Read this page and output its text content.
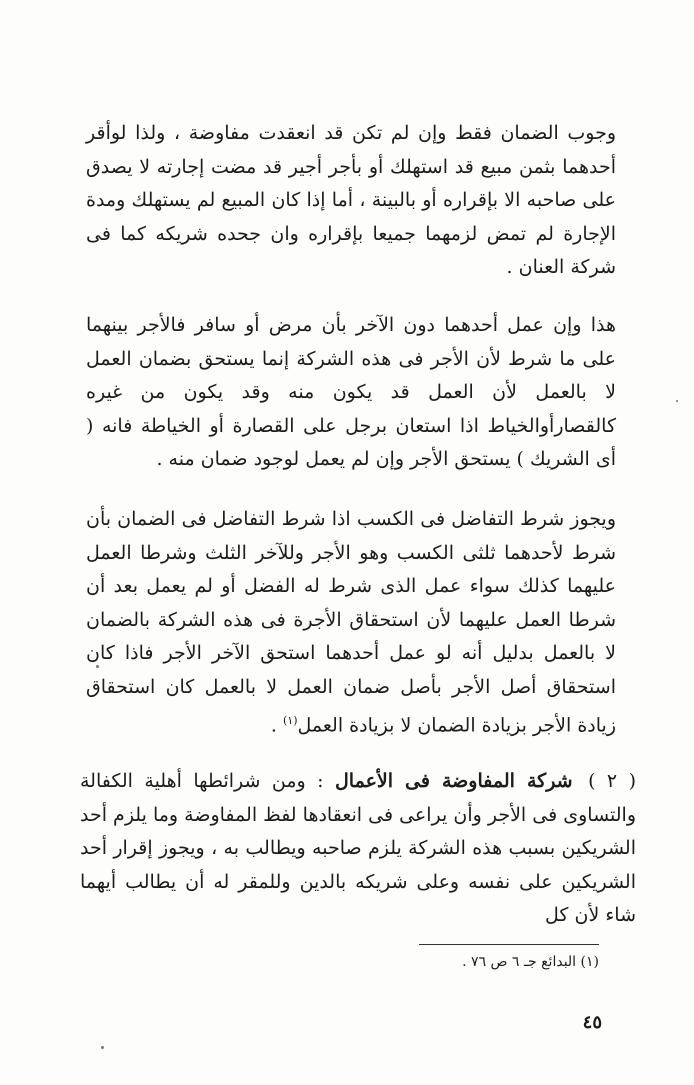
وجوب الضمان فقط وإن لم تكن قد انعقدت مفاوضة ، ولذا لوأقر أحدهما بثمن مبيع قد استهلك أو بأجر أجير قد مضت إجارته لا يصدق على صاحبه الا بإقراره أو بالبينة ، أما إذا كان المبيع لم يستهلك ومدة الإجارة لم تمض لزمهما جميعا بإقراره وان جحده شريكه كما فى شركة العنان .

هذا وإن عمل أحدهما دون الآخر بأن مرض أو سافر فالأجر بينهما على ما شرط لأن الأجر فى هذه الشركة إنما يستحق بضمان العمل لا بالعمل لأن العمل قد يكون منه وقد يكون من غيره كالقصارأوالخياط اذا استعان برجل على القصارة أو الخياطة فانه ( أى الشريك ) يستحق الأجر وإن لم يعمل لوجود ضمان منه .

ويجوز شرط التفاضل فى الكسب اذا شرط التفاضل فى الضمان بأن شرط لأحدهما ثلثى الكسب وهو الأجر وللآخر الثلث وشرطا العمل عليهما كذلك سواء عمل الذى شرط له الفضل أو لم يعمل بعد أن شرطا العمل عليهما لأن استحقاق الأجرة فى هذه الشركة بالضمان لا بالعمل بدليل أنه لو عمل أحدهما استحق الآخر الأجر فاذا كان استحقاق أصل الأجر بأصل ضمان العمل لا بالعمل كان استحقاق زيادة الأجر بزيادة الضمان لا بزيادة العمل$^{(١)}$ .

( ٢ ) شركة المفاوضة فى الأعمال : ومن شرائطها أهلية الكفالة والتساوى فى الأجر وأن يراعى فى انعقادها لفظ المفاوضة وما يلزم أحد الشريكين بسبب هذه الشركة يلزم صاحبه ويطالب به ، ويجوز إقرار أحد الشريكين على نفسه وعلى شريكه بالدين وللمقر له أن يطالب أيهما شاء لأن كل

(١) البدائع جـ ٦ ص ٧٦ .

٤٥
